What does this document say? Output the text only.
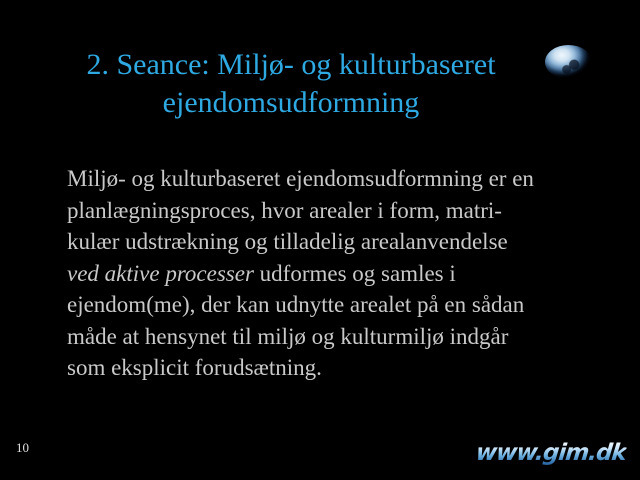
2. Seance: Miljø- og kulturbaseret
ejendomsudformning
Miljø- og kulturbaseret ejendomsudformning er en
planlægningsproces, hvor arealer i form, matri-
kulær udstrækning og tilladelig arealanvendelse
ved aktive processer udformes og samles i
ejendom(me), der kan udnytte arealet på en sådan
måde at hensynet til miljø og kulturmiljø indgår
som eksplicit forudsætning.
10	www.gim.dk
